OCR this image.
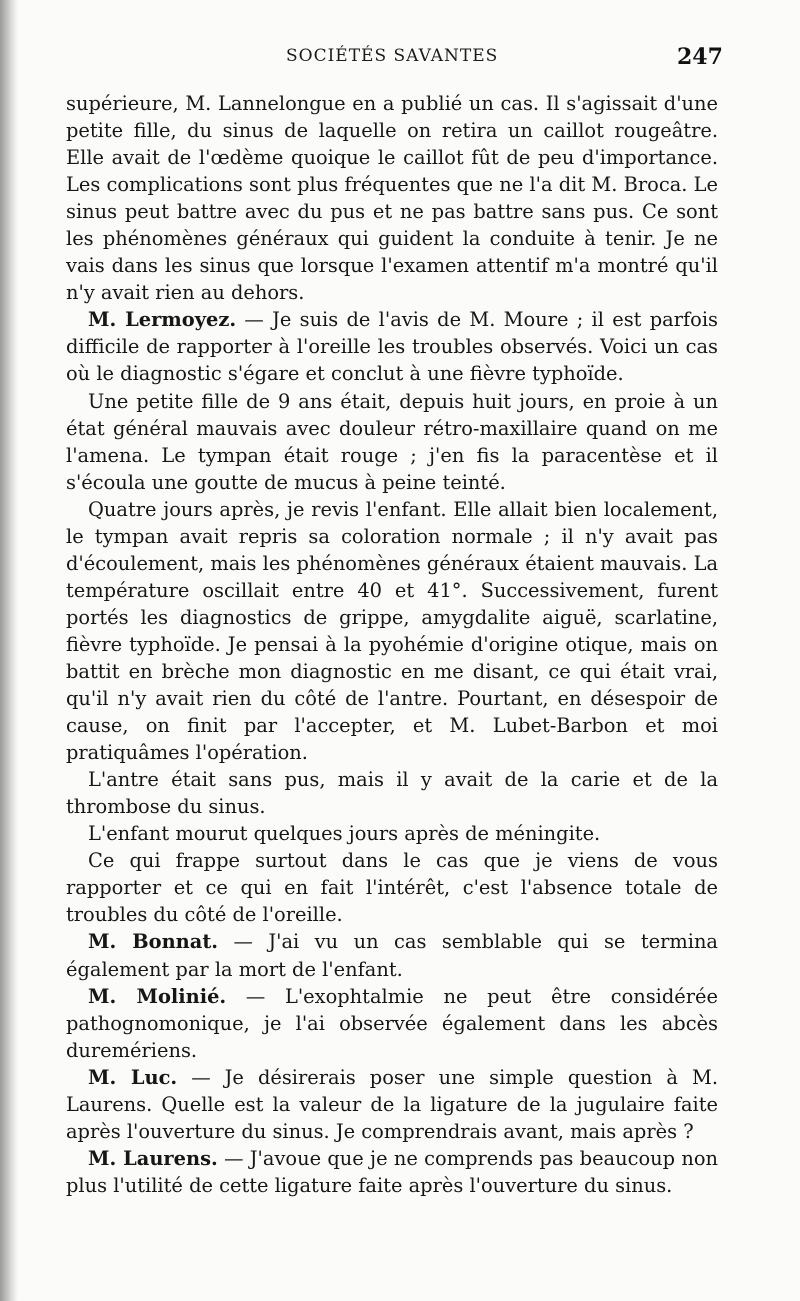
SOCIÉTÉS SAVANTES	247

supérieure, M. Lannelongue en a publié un cas. Il s'agissait d'une petite fille, du sinus de laquelle on retira un caillot rougeâtre. Elle avait de l'œdème quoique le caillot fût de peu d'importance. Les complications sont plus fréquentes que ne l'a dit M. Broca. Le sinus peut battre avec du pus et ne pas battre sans pus. Ce sont les phénomènes généraux qui guident la conduite à tenir. Je ne vais dans les sinus que lorsque l'examen attentif m'a montré qu'il n'y avait rien au dehors.

M. Lermoyez. — Je suis de l'avis de M. Moure ; il est parfois difficile de rapporter à l'oreille les troubles observés. Voici un cas où le diagnostic s'égare et conclut à une fièvre typhoïde.

Une petite fille de 9 ans était, depuis huit jours, en proie à un état général mauvais avec douleur rétro-maxillaire quand on me l'amena. Le tympan était rouge ; j'en fis la paracentèse et il s'écoula une goutte de mucus à peine teinté.

Quatre jours après, je revis l'enfant. Elle allait bien localement, le tympan avait repris sa coloration normale ; il n'y avait pas d'écoulement, mais les phénomènes généraux étaient mauvais. La température oscillait entre 40 et 41°. Successivement, furent portés les diagnostics de grippe, amygdalite aiguë, scarlatine, fièvre typhoïde. Je pensai à la pyohémie d'origine otique, mais on battit en brèche mon diagnostic en me disant, ce qui était vrai, qu'il n'y avait rien du côté de l'antre. Pourtant, en désespoir de cause, on finit par l'accepter, et M. Lubet-Barbon et moi pratiquâmes l'opération.

L'antre était sans pus, mais il y avait de la carie et de la thrombose du sinus.

L'enfant mourut quelques jours après de méningite.

Ce qui frappe surtout dans le cas que je viens de vous rapporter et ce qui en fait l'intérêt, c'est l'absence totale de troubles du côté de l'oreille.

M. Bonnat. — J'ai vu un cas semblable qui se termina également par la mort de l'enfant.

M. Molinié. — L'exophtalmie ne peut être considérée pathognomonique, je l'ai observée également dans les abcès duremériens.

M. Luc. — Je désirerais poser une simple question à M. Laurens. Quelle est la valeur de la ligature de la jugulaire faite après l'ouverture du sinus. Je comprendrais avant, mais après ?

M. Laurens. — J'avoue que je ne comprends pas beaucoup non plus l'utilité de cette ligature faite après l'ouverture du sinus.
